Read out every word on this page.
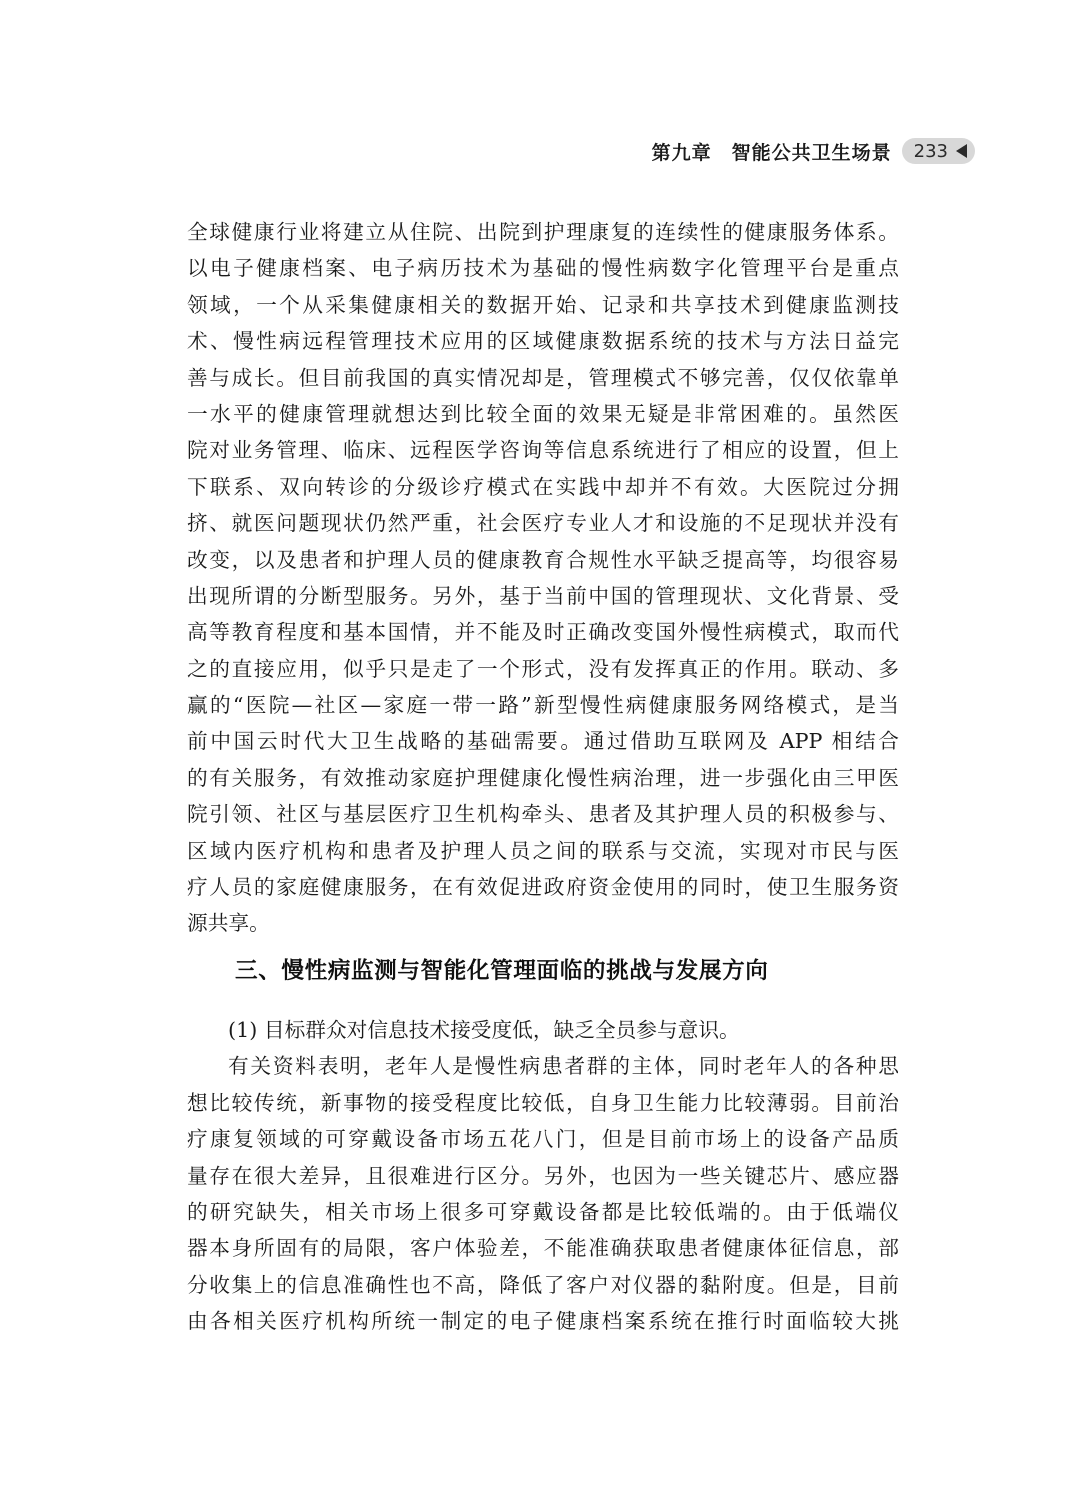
第九章　智能公共卫生场景 233
全球健康行业将建立从住院、出院到护理康复的连续性的健康服务体系。
以电子健康档案、电子病历技术为基础的慢性病数字化管理平台是重点
领域，一个从采集健康相关的数据开始、记录和共享技术到健康监测技
术、慢性病远程管理技术应用的区域健康数据系统的技术与方法日益完
善与成长。但目前我国的真实情况却是，管理模式不够完善，仅仅依靠单
一水平的健康管理就想达到比较全面的效果无疑是非常困难的。虽然医
院对业务管理、临床、远程医学咨询等信息系统进行了相应的设置，但上
下联系、双向转诊的分级诊疗模式在实践中却并不有效。大医院过分拥
挤、就医问题现状仍然严重，社会医疗专业人才和设施的不足现状并没有
改变，以及患者和护理人员的健康教育合规性水平缺乏提高等，均很容易
出现所谓的分断型服务。另外，基于当前中国的管理现状、文化背景、受
高等教育程度和基本国情，并不能及时正确改变国外慢性病模式，取而代
之的直接应用，似乎只是走了一个形式，没有发挥真正的作用。联动、多
赢的“医院—社区—家庭一带一路”新型慢性病健康服务网络模式，是当
前中国云时代大卫生战略的基础需要。通过借助互联网及 APP 相结合
的有关服务，有效推动家庭护理健康化慢性病治理，进一步强化由三甲医
院引领、社区与基层医疗卫生机构牵头、患者及其护理人员的积极参与、
区域内医疗机构和患者及护理人员之间的联系与交流，实现对市民与医
疗人员的家庭健康服务，在有效促进政府资金使用的同时，使卫生服务资
源共享。
三、慢性病监测与智能化管理面临的挑战与发展方向
(1) 目标群众对信息技术接受度低，缺乏全员参与意识。
有关资料表明，老年人是慢性病患者群的主体，同时老年人的各种思
想比较传统，新事物的接受程度比较低，自身卫生能力比较薄弱。目前治
疗康复领域的可穿戴设备市场五花八门，但是目前市场上的设备产品质
量存在很大差异，且很难进行区分。另外，也因为一些关键芯片、感应器
的研究缺失，相关市场上很多可穿戴设备都是比较低端的。由于低端仪
器本身所固有的局限，客户体验差，不能准确获取患者健康体征信息，部
分收集上的信息准确性也不高，降低了客户对仪器的黏附度。但是，目前
由各相关医疗机构所统一制定的电子健康档案系统在推行时面临较大挑
